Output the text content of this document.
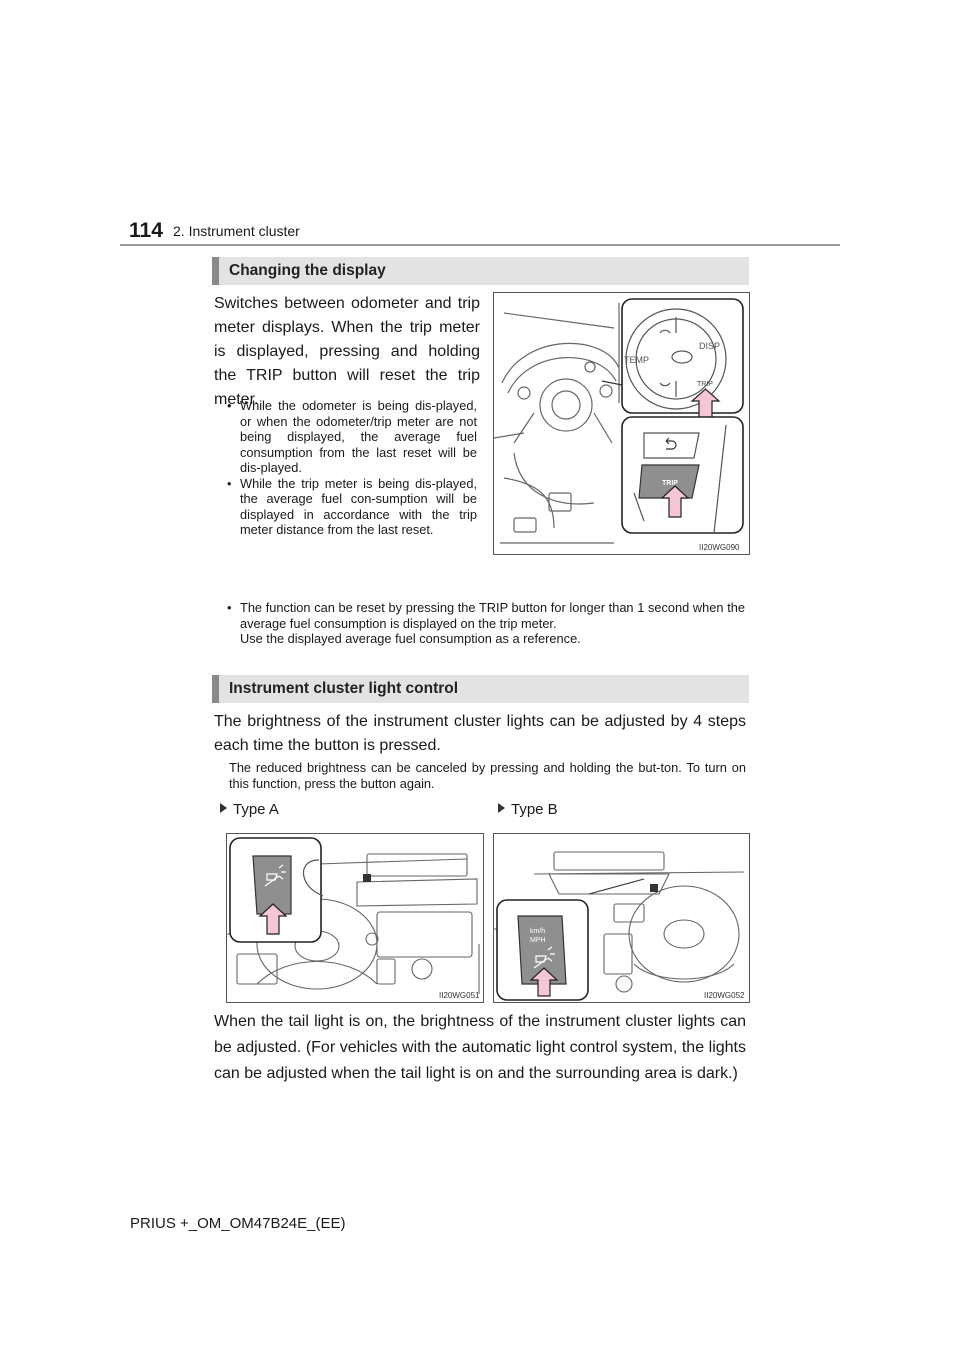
114 2. Instrument cluster
Changing the display
Switches between odometer and trip meter displays. When the trip meter is displayed, pressing and holding the TRIP button will reset the trip meter.
• While the odometer is being dis-played, or when the odometer/trip meter are not being displayed, the average fuel consumption from the last reset will be dis-played.
• While the trip meter is being dis-played, the average fuel con-sumption will be displayed in accordance with the trip meter distance from the last reset.
DISP
TEMP
TRIP
TRIP
II20WG090
• The function can be reset by pressing the TRIP button for longer than 1 second when the average fuel consumption is displayed on the trip meter.
Use the displayed average fuel consumption as a reference.
Instrument cluster light control
The brightness of the instrument cluster lights can be adjusted by 4 steps each time the button is pressed.
The reduced brightness can be canceled by pressing and holding the but-ton. To turn on this function, press the button again.
Type A	Type B
II20WG051
km/h
MPH
II20WG052
When the tail light is on, the brightness of the instrument cluster lights can be adjusted. (For vehicles with the automatic light control system, the lights can be adjusted when the tail light is on and the surrounding area is dark.)
PRIUS +_OM_OM47B24E_(EE)
